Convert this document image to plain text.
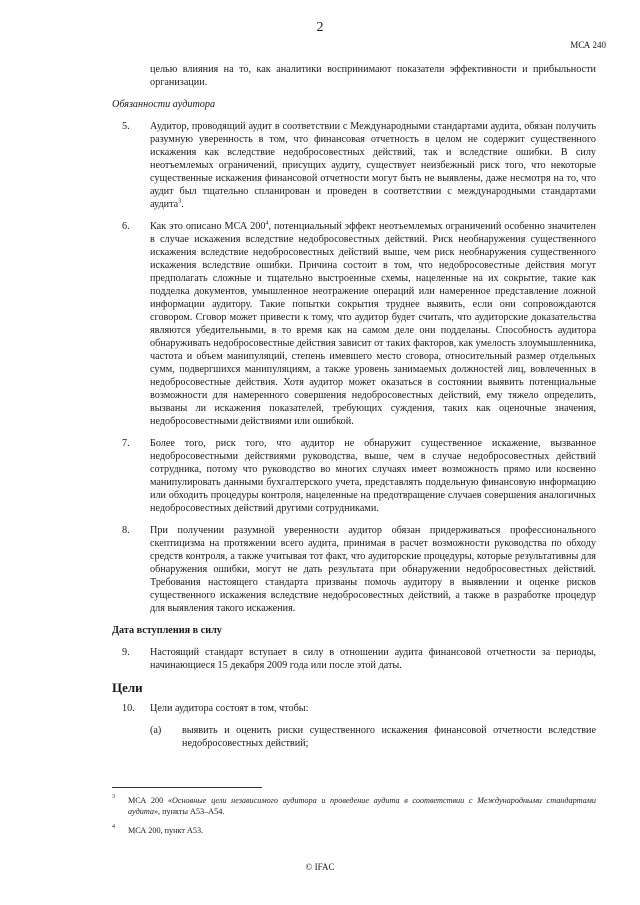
2
МСА 240

целью влияния на то, как аналитики воспринимают показатели эффективности и прибыльности организации.

Обязанности аудитора

5. Аудитор, проводящий аудит в соответствии с Международными стандартами аудита, обязан получить разумную уверенность в том, что финансовая отчетность в целом не содержит существенного искажения как вследствие недобросовестных действий, так и вследствие ошибки. В силу неотъемлемых ограничений, присущих аудиту, существует неизбежный риск того, что некоторые существенные искажения финансовой отчетности могут быть не выявлены, даже несмотря на то, что аудит был тщательно спланирован и проведен в соответствии с международными стандартами аудита$^3$.
6. Как это описано МСА $200^4$, потенциальный эффект неотъемлемых ограничений особенно значителен в случае искажения вследствие недобросовестных действий. Риск необнаружения существенного искажения вследствие недобросовестных действий выше, чем риск необнаружения существенного искажения вследствие ошибки. Причина состоит в том, что недобросовестные действия могут предполагать сложные и тщательно выстроенные схемы, нацеленные на их сокрытие, такие как подделка документов, умышленное неотражение операций или намеренное представление ложной информации аудитору. Такие попытки сокрытия труднее выявить, если они сопровождаются сговором. Сговор может привести к тому, что аудитор будет считать, что аудиторские доказательства являются убедительными, в то время как на самом деле они подделаны. Способность аудитора обнаруживать недобросовестные действия зависит от таких факторов, как умелость злоумышленника, частота и объем манипуляций, степень имевшего место сговора, относительный размер отдельных сумм, подвергшихся манипуляциям, а также уровень занимаемых должностей лиц, вовлеченных в недобросовестные действия. Хотя аудитор может оказаться в состоянии выявить потенциальные возможности для намеренного совершения недобросовестных действий, ему тяжело определить, вызваны ли искажения показателей, требующих суждения, таких как оценочные значения, недобросовестными действиями или ошибкой.
7. Более того, риск того, что аудитор не обнаружит существенное искажение, вызванное недобросовестными действиями руководства, выше, чем в случае недобросовестных действий сотрудника, потому что руководство во многих случаях имеет возможность прямо или косвенно манипулировать данными бухгалтерского учета, представлять поддельную финансовую информацию или обходить процедуры контроля, нацеленные на предотвращение случаев совершения аналогичных недобросовестных действий другими сотрудниками.
8. При получении разумной уверенности аудитор обязан придерживаться профессионального скептицизма на протяжении всего аудита, принимая в расчет возможности руководства по обходу средств контроля, а также учитывая тот факт, что аудиторские процедуры, которые результативны для обнаружения ошибки, могут не дать результата при обнаружении недобросовестных действий. Требования настоящего стандарта призваны помочь аудитору в выявлении и оценке рисков существенного искажения вследствие недобросовестных действий, а также в разработке процедур для выявления такого искажения.

Дата вступления в силу

9. Настоящий стандарт вступает в силу в отношении аудита финансовой отчетности за периоды, начинающиеся 15 декабря 2009 года или после этой даты.

Цели

10. Цели аудитора состоят в том, чтобы:
(a) выявить и оценить риски существенного искажения финансовой отчетности вследствие недобросовестных действий;
3 МСА 200 «Основные цели независимого аудитора и проведение аудита в соответствии с Международными стандартами аудита», пункты A53–A54.
4 МСА 200, пункт A53.
© IFAC
